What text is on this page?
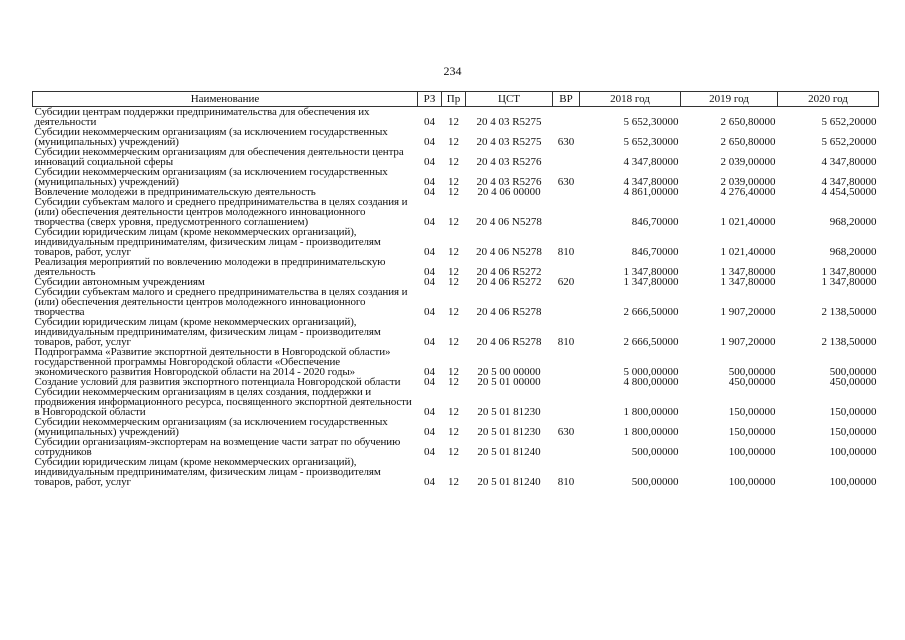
234
Наименование	РЗ	Пр	ЦСТ	ВР	2018 год	2019 год	2020 год

Субсидии центрам поддержки предпринимательства для обеспечения их деятельности	04	12	20 4 03 R5275		5 652,30000	2 650,80000	5 652,20000

Субсидии некоммерческим организациям (за исключением государственных (муниципальных) учреждений)	04	12	20 4 03 R5275	630	5 652,30000	2 650,80000	5 652,20000

Субсидии некоммерческим организациям для обеспечения деятельности центра инноваций социальной сферы	04	12	20 4 03 R5276		4 347,80000	2 039,00000	4 347,80000

Субсидии некоммерческим организациям (за исключением государственных (муниципальных) учреждений)	04	12	20 4 03 R5276	630	4 347,80000	2 039,00000	4 347,80000

Вовлечение молодежи в предпринимательскую деятельность	04	12	20 4 06 00000		4 861,00000	4 276,40000	4 454,50000

Субсидии субъектам малого и среднего предпринимательства в целях создания и (или) обеспечения деятельности центров молодежного инновационного творчества (сверх уровня, предусмотренного соглашением)	04	12	20 4 06 N5278		846,70000	1 021,40000	968,20000

Субсидии юридическим лицам (кроме некоммерческих организаций), индивидуальным предпринимателям, физическим лицам - производителям товаров, работ, услуг	04	12	20 4 06 N5278	810	846,70000	1 021,40000	968,20000

Реализация мероприятий по вовлечению молодежи в предпринимательскую деятельность	04	12	20 4 06 R5272		1 347,80000	1 347,80000	1 347,80000

Субсидии автономным учреждениям	04	12	20 4 06 R5272	620	1 347,80000	1 347,80000	1 347,80000

Субсидии субъектам малого и среднего предпринимательства в целях создания и (или) обеспечения деятельности центров молодежного инновационного творчества	04	12	20 4 06 R5278		2 666,50000	1 907,20000	2 138,50000

Субсидии юридическим лицам (кроме некоммерческих организаций), индивидуальным предпринимателям, физическим лицам - производителям товаров, работ, услуг	04	12	20 4 06 R5278	810	2 666,50000	1 907,20000	2 138,50000

Подпрограмма «Развитие экспортной деятельности в Новгородской области» государственной программы Новгородской области «Обеспечение экономического развития Новгородской области на 2014 - 2020 годы»	04	12	20 5 00 00000		5 000,00000	500,00000	500,00000

Создание условий для развития экспортного потенциала Новгородской области	04	12	20 5 01 00000		4 800,00000	450,00000	450,00000

Субсидии некоммерческим организациям в целях создания, поддержки и продвижения информационного ресурса, посвященного экспортной деятельности в Новгородской области	04	12	20 5 01 81230		1 800,00000	150,00000	150,00000

Субсидии некоммерческим организациям (за исключением государственных (муниципальных) учреждений)	04	12	20 5 01 81230	630	1 800,00000	150,00000	150,00000

Субсидии организациям-экспортерам на возмещение части затрат по обучению сотрудников	04	12	20 5 01 81240		500,00000	100,00000	100,00000

Субсидии юридическим лицам (кроме некоммерческих организаций), индивидуальным предпринимателям, физическим лицам - производителям товаров, работ, услуг	04	12	20 5 01 81240	810	500,00000	100,00000	100,00000
